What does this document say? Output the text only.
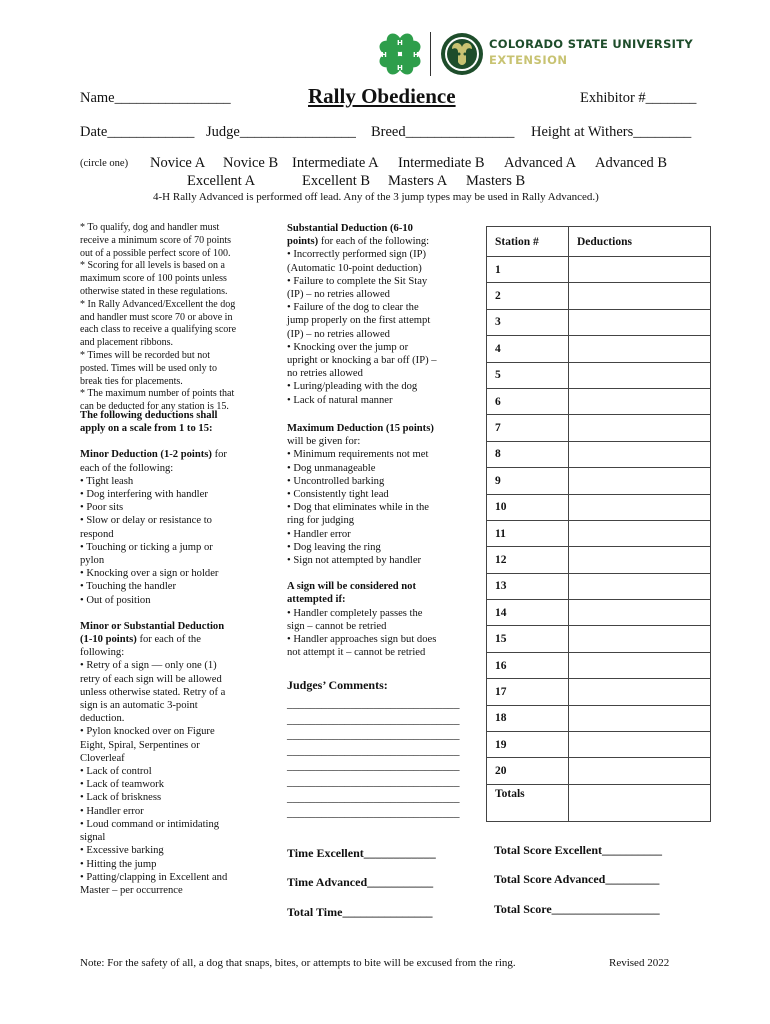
H
H
H	H
COLORADO STATE UNIVERSITY
EXTENSION
Name________________	Rally Obedience	Exhibitor #_______
Date____________ Judge________________ Breed_______________ Height at Withers________
(circle one) Novice A Novice B Intermediate A Intermediate B Advanced A Advanced B
Excellent A	Excellent B Masters A Masters B
4-H Rally Advanced is performed off lead. Any of the 3 jump types may be used in Rally Advanced.)

* To qualify, dog and handler must

receive a minimum score of 70 points

out of a possible perfect score of 100.

* Scoring for all levels is based on a

maximum score of 100 points unless

otherwise stated in these regulations.

* In Rally Advanced/Excellent the dog

and handler must score 70 or above in

each class to receive a qualifying score

and placement ribbons.

* Times will be recorded but not

posted. Times will be used only to

break ties for placements.

* The maximum number of points that

can be deducted for any station is 15.

The following deductions shall

apply on a scale from 1 to 15:

Minor Deduction (1-2 points) for

each of the following:

• Tight leash

• Dog interfering with handler

• Poor sits

• Slow or delay or resistance to

respond

• Touching or ticking a jump or

pylon

• Knocking over a sign or holder

• Touching the handler

• Out of position

Minor or Substantial Deduction

(1-10 points) for each of the

following:

• Retry of a sign — only one (1)

retry of each sign will be allowed

unless otherwise stated. Retry of a

sign is an automatic 3-point

deduction.

• Pylon knocked over on Figure

Eight, Spiral, Serpentines or

Cloverleaf

• Lack of control

• Lack of teamwork

• Lack of briskness

• Handler error

• Loud command or intimidating

signal

• Excessive barking

• Hitting the jump

• Patting/clapping in Excellent and

Master – per occurrence

Substantial Deduction (6-10

points) for each of the following:

• Incorrectly performed sign (IP)

(Automatic 10-point deduction)

• Failure to complete the Sit Stay

(IP) – no retries allowed

• Failure of the dog to clear the

jump properly on the first attempt

(IP) – no retries allowed

• Knocking over the jump or

upright or knocking a bar off (IP) –

no retries allowed

• Luring/pleading with the dog

• Lack of natural manner

Maximum Deduction (15 points)

will be given for:

• Minimum requirements not met

• Dog unmanageable

• Uncontrolled barking

• Consistently tight lead

• Dog that eliminates while in the

ring for judging

• Handler error

• Dog leaving the ring

• Sign not attempted by handler

A sign will be considered not

attempted if:

• Handler completely passes the

sign – cannot be retried

• Handler approaches sign but does

not attempt it – cannot be retried

Judges’ Comments:

______________________________

______________________________

______________________________

______________________________

______________________________

______________________________

______________________________

______________________________

Time Excellent____________
Time Advanced___________
Total Time_______________
Station #	Deductions
1	
2	
3	
4	
5	
6	
7	
8	
9	
10	
11	
12	
13	
14	
15	
16	
17	
18	
19	
20	
Totals	
Total Score Excellent__________
Total Score Advanced_________
Total Score__________________
Note: For the safety of all, a dog that snaps, bites, or attempts to bite will be excused from the ring.	Revised 2022
